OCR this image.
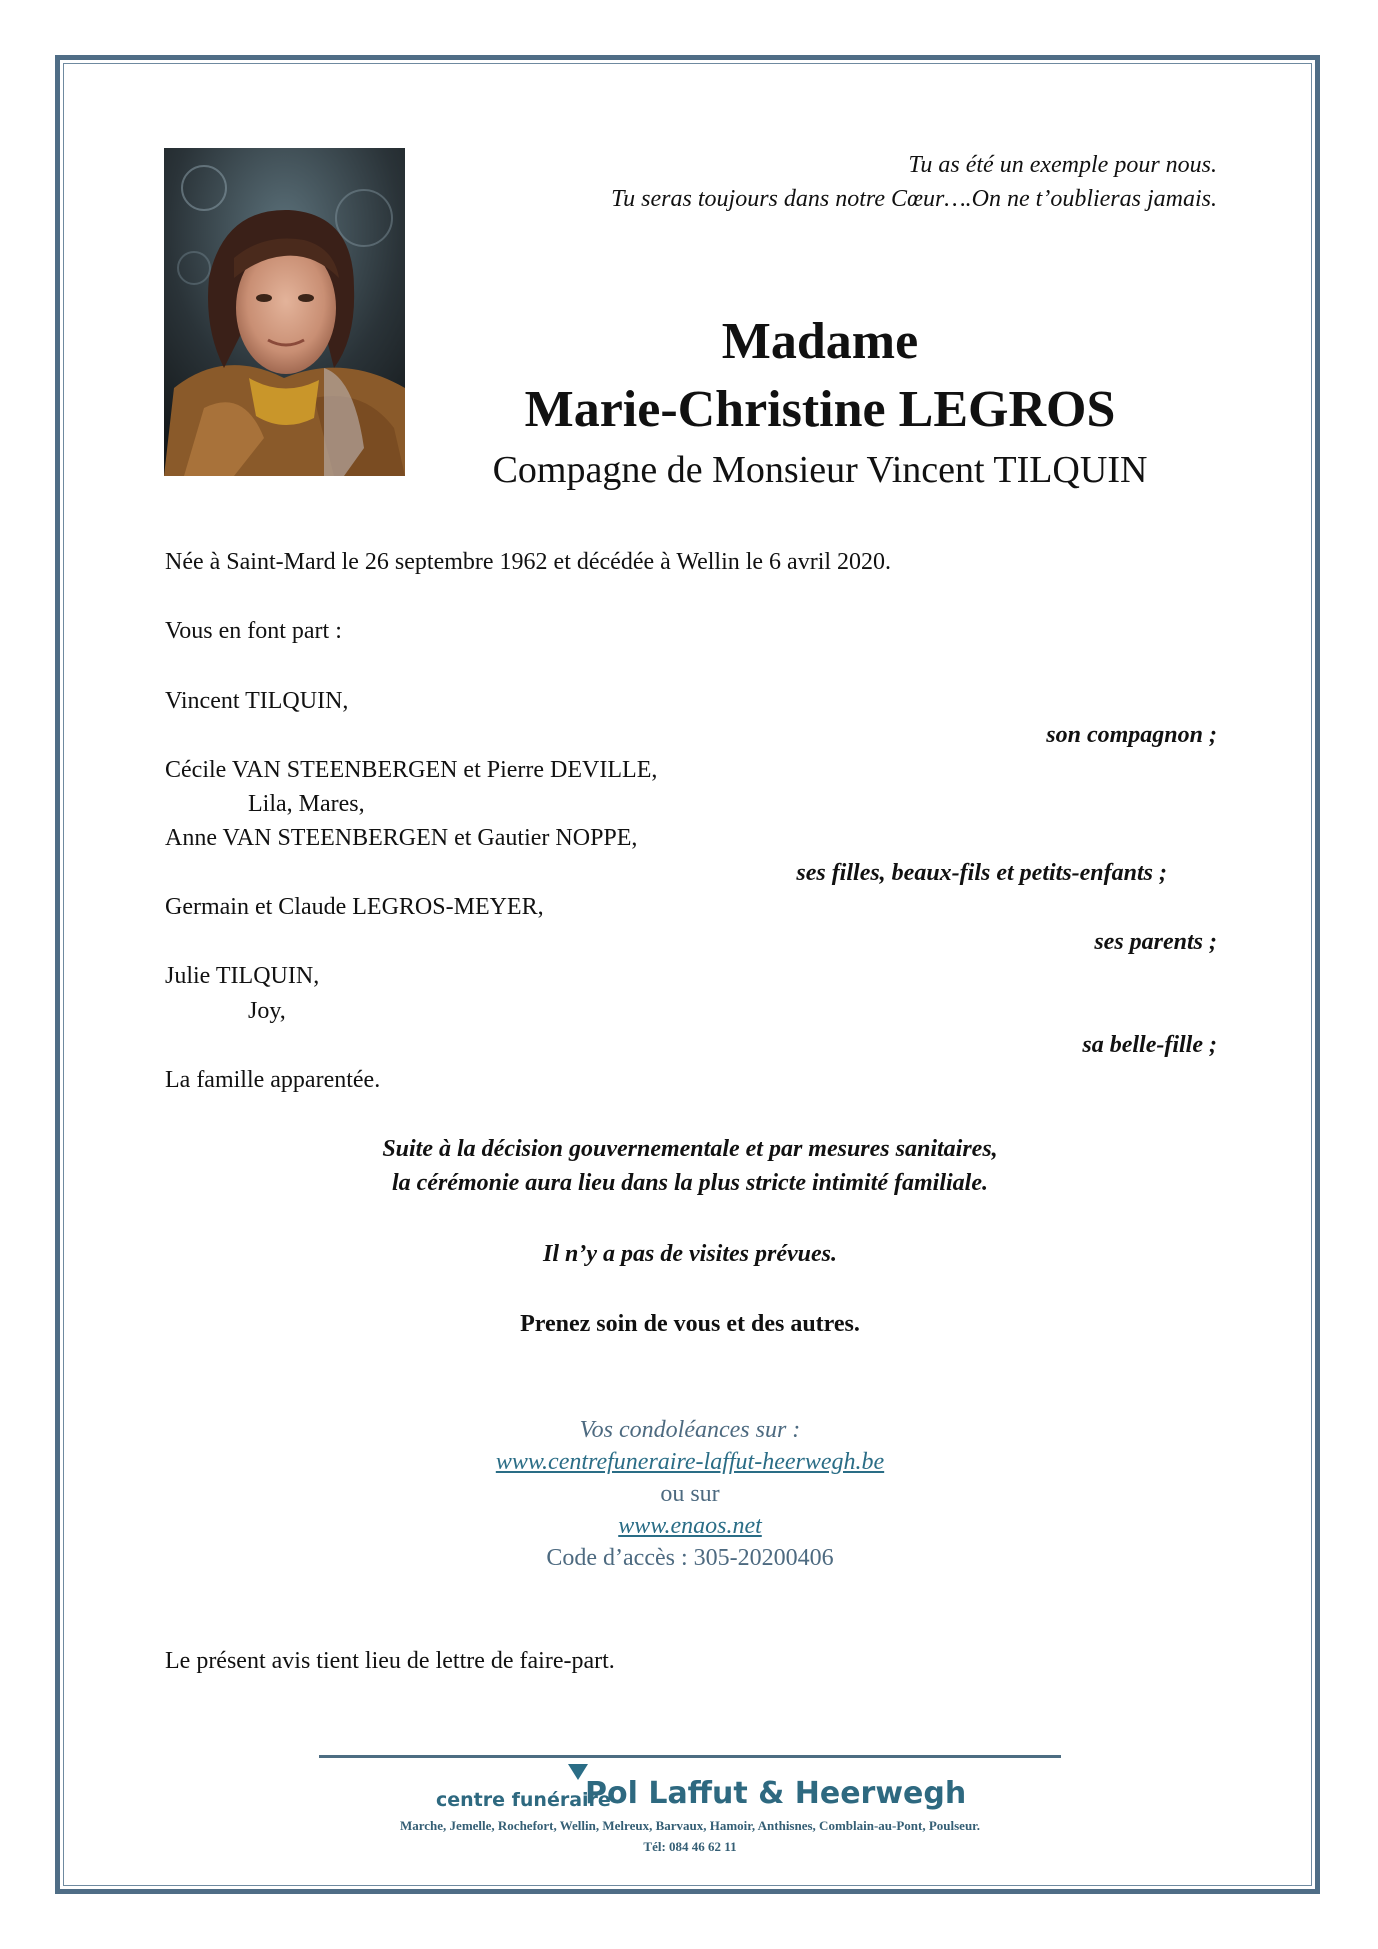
Tu as été un exemple pour nous.
Tu seras toujours dans notre Cœur….On ne t’oublieras jamais.
Madame
Marie-Christine LEGROS
Compagne de Monsieur Vincent TILQUIN
Née à Saint-Mard le 26 septembre 1962 et décédée à Wellin le 6 avril 2020.
Vous en font part :
Vincent TILQUIN,
son compagnon ;
Cécile VAN STEENBERGEN et Pierre DEVILLE,
Lila, Mares,
Anne VAN STEENBERGEN et Gautier NOPPE,
ses filles, beaux-fils et petits-enfants ;
Germain et Claude LEGROS-MEYER,
ses parents ;
Julie TILQUIN,
Joy,
sa belle-fille ;
La famille apparentée.
Suite à la décision gouvernementale et par mesures sanitaires,
la cérémonie aura lieu dans la plus stricte intimité familiale.
Il n’y a pas de visites prévues.
Prenez soin de vous et des autres.
Vos condoléances sur :
www.centrefuneraire-laffut-heerwegh.be
ou sur
www.enaos.net
Code d’accès : 305-20200406
Le présent avis tient lieu de lettre de faire-part.
centre funéraire
Pol Laffut & Heerwegh
Marche, Jemelle, Rochefort, Wellin, Melreux, Barvaux, Hamoir, Anthisnes, Comblain-au-Pont, Poulseur.
Tél: 084 46 62 11
